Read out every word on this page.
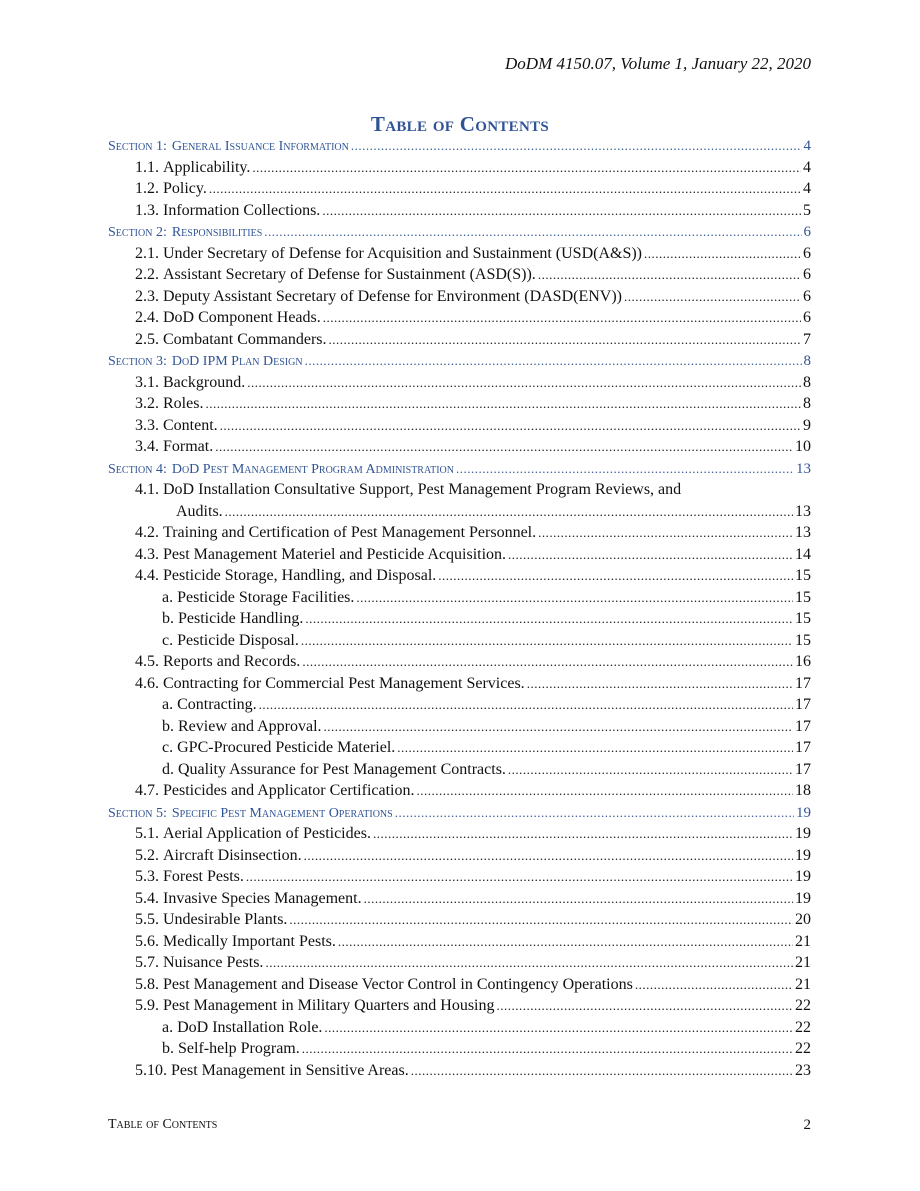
DoDM 4150.07, Volume 1, January 22, 2020
Table of Contents
Section 1: General Issuance Information .....	4
1.1. Applicability. .....	4
1.2. Policy. .....	4
1.3. Information Collections. .....	5
Section 2: Responsibilities .....	6
2.1. Under Secretary of Defense for Acquisition and Sustainment (USD(A&S)) .....	6
2.2. Assistant Secretary of Defense for Sustainment (ASD(S)). .....	6
2.3. Deputy Assistant Secretary of Defense for Environment (DASD(ENV)) .....	6
2.4. DoD Component Heads. .....	6
2.5. Combatant Commanders. .....	7
Section 3: DoD IPM Plan Design .....	8
3.1. Background. .....	8
3.2. Roles. .....	8
3.3. Content. .....	9
3.4. Format. .....	10
Section 4: DoD Pest Management Program Administration .....	13
4.1. DoD Installation Consultative Support, Pest Management Program Reviews, and
Audits. .....	13
4.2. Training and Certification of Pest Management Personnel. .....	13
4.3. Pest Management Materiel and Pesticide Acquisition. .....	14
4.4. Pesticide Storage, Handling, and Disposal. .....	15
a. Pesticide Storage Facilities. .....	15
b. Pesticide Handling. .....	15
c. Pesticide Disposal. .....	15
4.5. Reports and Records. .....	16
4.6. Contracting for Commercial Pest Management Services. .....	17
a. Contracting. .....	17
b. Review and Approval. .....	17
c. GPC-Procured Pesticide Materiel. .....	17
d. Quality Assurance for Pest Management Contracts. .....	17
4.7. Pesticides and Applicator Certification. .....	18
Section 5: Specific Pest Management Operations .....	19
5.1. Aerial Application of Pesticides. .....	19
5.2. Aircraft Disinsection. .....	19
5.3. Forest Pests. .....	19
5.4. Invasive Species Management. .....	19
5.5. Undesirable Plants. .....	20
5.6. Medically Important Pests. .....	21
5.7. Nuisance Pests. .....	21
5.8. Pest Management and Disease Vector Control in Contingency Operations .....	21
5.9. Pest Management in Military Quarters and Housing .....	22
a. DoD Installation Role. .....	22
b. Self-help Program. .....	22
5.10. Pest Management in Sensitive Areas. .....	23
Table of Contents	2
